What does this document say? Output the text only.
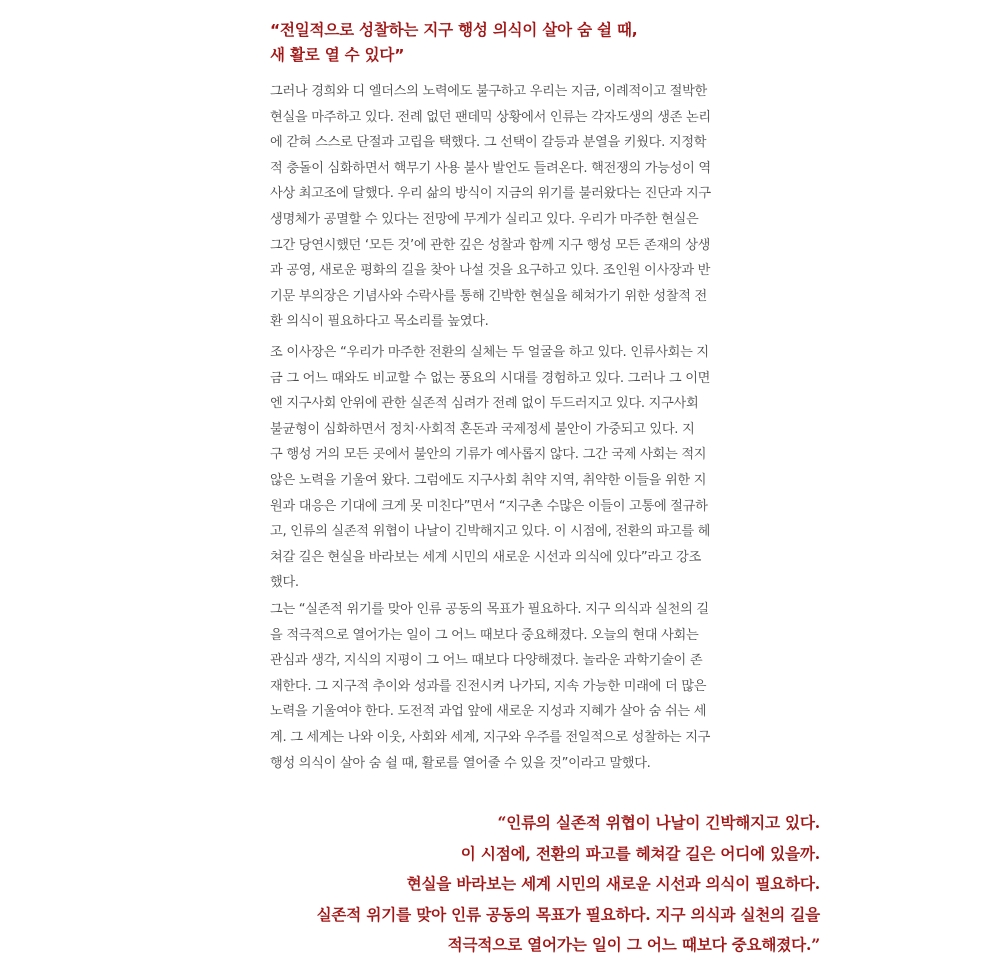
“전일적으로 성찰하는 지구 행성 의식이 살아 숨 쉴 때,
새 활로 열 수 있다”

그러나 경희와 디 엘더스의 노력에도 불구하고 우리는 지금, 이례적이고 절박한
현실을 마주하고 있다. 전례 없던 팬데믹 상황에서 인류는 각자도생의 생존 논리
에 갇혀 스스로 단절과 고립을 택했다. 그 선택이 갈등과 분열을 키웠다. 지정학
적 충돌이 심화하면서 핵무기 사용 불사 발언도 들려온다. 핵전쟁의 가능성이 역
사상 최고조에 달했다. 우리 삶의 방식이 지금의 위기를 불러왔다는 진단과 지구
생명체가 공멸할 수 있다는 전망에 무게가 실리고 있다. 우리가 마주한 현실은
그간 당연시했던 ‘모든 것’에 관한 깊은 성찰과 함께 지구 행성 모든 존재의 상생
과 공영, 새로운 평화의 길을 찾아 나설 것을 요구하고 있다. 조인원 이사장과 반
기문 부의장은 기념사와 수락사를 통해 긴박한 현실을 헤쳐가기 위한 성찰적 전
환 의식이 필요하다고 목소리를 높였다.

조 이사장은 “우리가 마주한 전환의 실체는 두 얼굴을 하고 있다. 인류사회는 지
금 그 어느 때와도 비교할 수 없는 풍요의 시대를 경험하고 있다. 그러나 그 이면
엔 지구사회 안위에 관한 실존적 심려가 전례 없이 두드러지고 있다. 지구사회
불균형이 심화하면서 정치·사회적 혼돈과 국제정세 불안이 가중되고 있다. 지
구 행성 거의 모든 곳에서 불안의 기류가 예사롭지 않다. 그간 국제 사회는 적지
않은 노력을 기울여 왔다. 그럼에도 지구사회 취약 지역, 취약한 이들을 위한 지
원과 대응은 기대에 크게 못 미친다”면서 “지구촌 수많은 이들이 고통에 절규하
고, 인류의 실존적 위협이 나날이 긴박해지고 있다. 이 시점에, 전환의 파고를 헤
쳐갈 길은 현실을 바라보는 세계 시민의 새로운 시선과 의식에 있다”라고 강조
했다.

그는 “실존적 위기를 맞아 인류 공동의 목표가 필요하다. 지구 의식과 실천의 길
을 적극적으로 열어가는 일이 그 어느 때보다 중요해졌다. 오늘의 현대 사회는
관심과 생각, 지식의 지평이 그 어느 때보다 다양해졌다. 놀라운 과학기술이 존
재한다. 그 지구적 추이와 성과를 진전시켜 나가되, 지속 가능한 미래에 더 많은
노력을 기울여야 한다. 도전적 과업 앞에 새로운 지성과 지혜가 살아 숨 쉬는 세
계. 그 세계는 나와 이웃, 사회와 세계, 지구와 우주를 전일적으로 성찰하는 지구
행성 의식이 살아 숨 쉴 때, 활로를 열어줄 수 있을 것”이라고 말했다.

“인류의 실존적 위협이 나날이 긴박해지고 있다.
이 시점에, 전환의 파고를 헤쳐갈 길은 어디에 있을까.
현실을 바라보는 세계 시민의 새로운 시선과 의식이 필요하다.
실존적 위기를 맞아 인류 공동의 목표가 필요하다. 지구 의식과 실천의 길을
적극적으로 열어가는 일이 그 어느 때보다 중요해졌다.”
